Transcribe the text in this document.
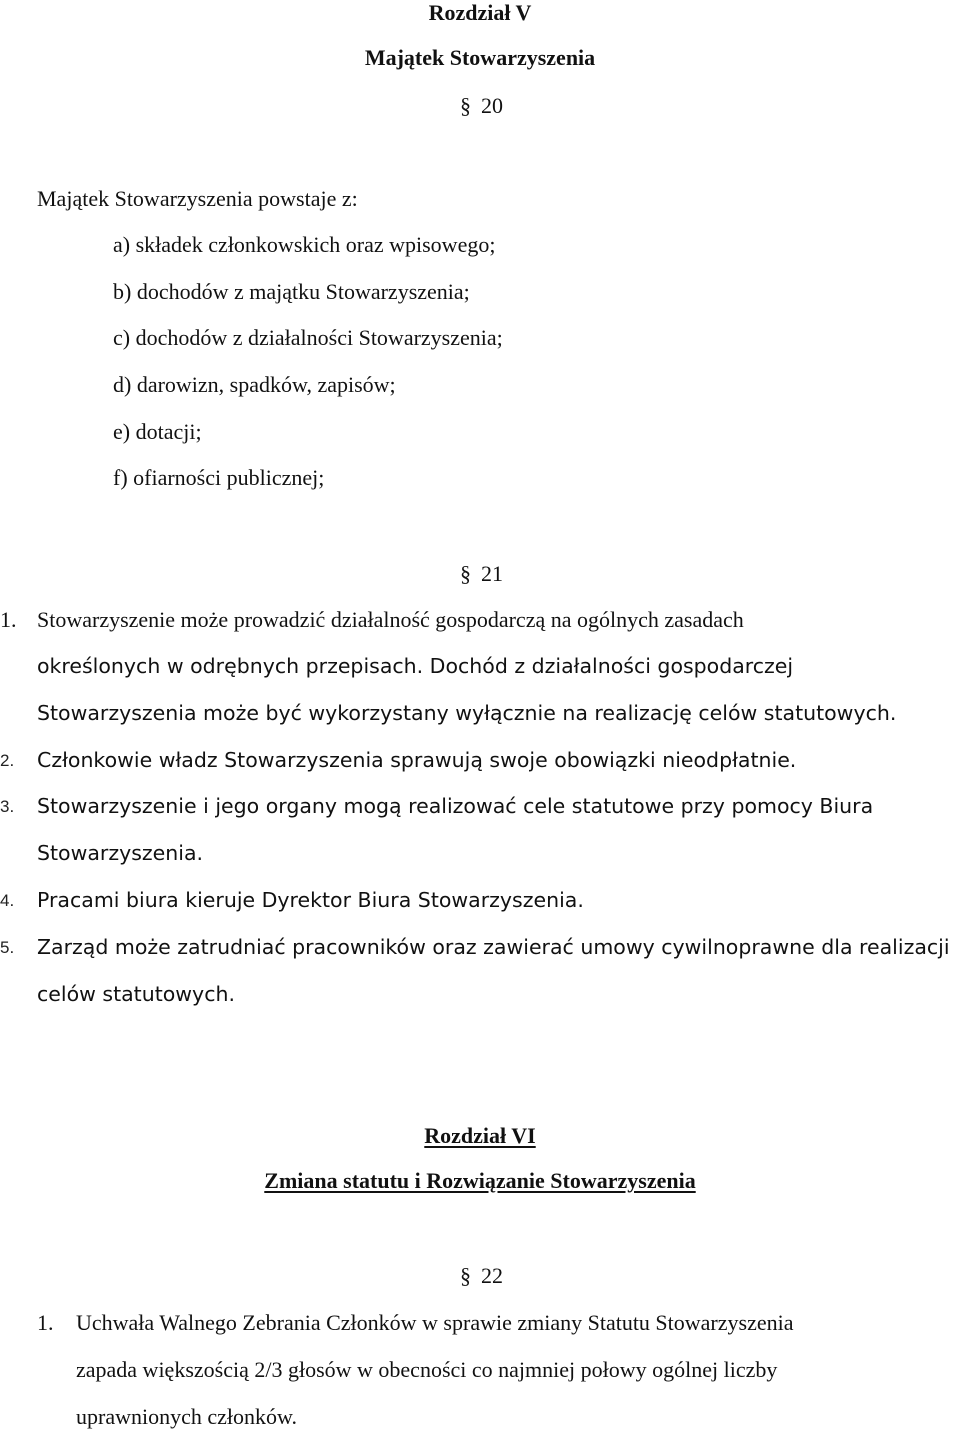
Rozdział V
Majątek Stowarzyszenia
§ 20
Majątek Stowarzyszenia powstaje z:
a) składek członkowskich oraz wpisowego;
b) dochodów z majątku Stowarzyszenia;
c) dochodów z działalności Stowarzyszenia;
d) darowizn, spadków, zapisów;
e) dotacji;
f) ofiarności publicznej;
§ 21
1. Stowarzyszenie może prowadzić działalność gospodarczą na ogólnych zasadach
określonych w odrębnych przepisach. Dochód z działalności gospodarczej
Stowarzyszenia może być wykorzystany wyłącznie na realizację celów statutowych.
2. Członkowie władz Stowarzyszenia sprawują swoje obowiązki nieodpłatnie.
3. Stowarzyszenie i jego organy mogą realizować cele statutowe przy pomocy Biura
Stowarzyszenia.
4. Pracami biura kieruje Dyrektor Biura Stowarzyszenia.
5. Zarząd może zatrudniać pracowników oraz zawierać umowy cywilnoprawne dla realizacji
celów statutowych.
Rozdział VI
Zmiana statutu i Rozwiązanie Stowarzyszenia
§ 22
1. Uchwała Walnego Zebrania Członków w sprawie zmiany Statutu Stowarzyszenia
zapada większością 2/3 głosów w obecności co najmniej połowy ogólnej liczby
uprawnionych członków.
